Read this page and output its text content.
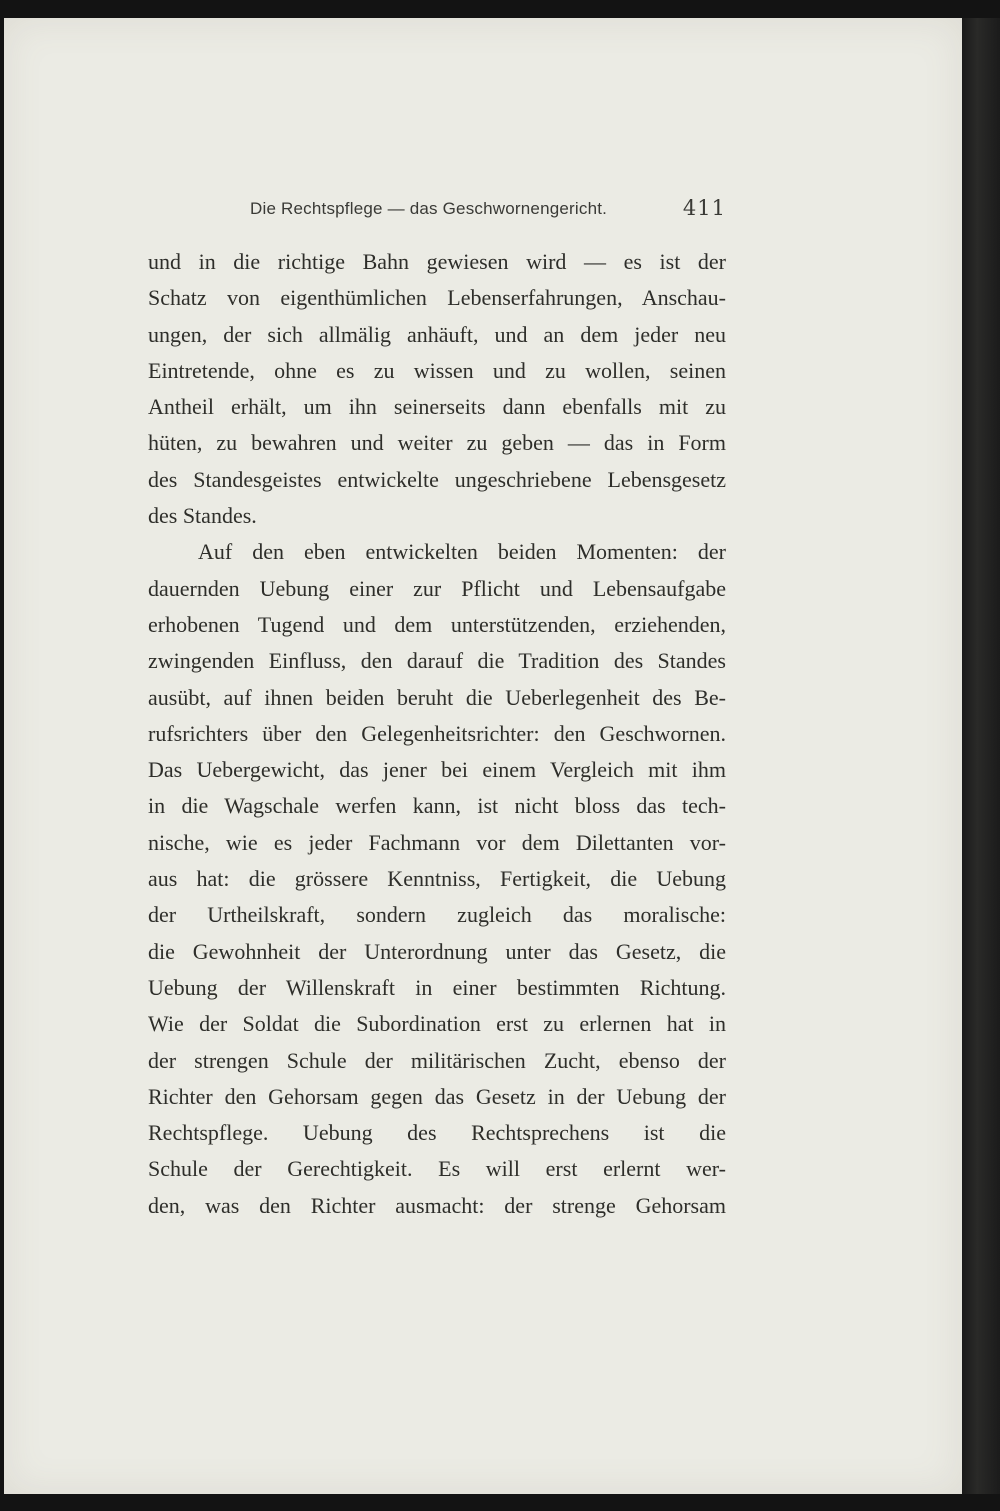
Die Rechtspflege — das Geschwornengericht.	411
und in die richtige Bahn gewiesen wird — es ist der
Schatz von eigenthümlichen Lebenserfahrungen, Anschau-
ungen, der sich allmälig anhäuft, und an dem jeder neu
Eintretende, ohne es zu wissen und zu wollen, seinen
Antheil erhält, um ihn seinerseits dann ebenfalls mit zu
hüten, zu bewahren und weiter zu geben — das in Form
des Standesgeistes entwickelte ungeschriebene Lebensgesetz
des Standes.
Auf den eben entwickelten beiden Momenten: der
dauernden Uebung einer zur Pflicht und Lebensaufgabe
erhobenen Tugend und dem unterstützenden, erziehenden,
zwingenden Einfluss, den darauf die Tradition des Standes
ausübt, auf ihnen beiden beruht die Ueberlegenheit des Be-
rufsrichters über den Gelegenheitsrichter: den Geschwornen.
Das Uebergewicht, das jener bei einem Vergleich mit ihm
in die Wagschale werfen kann, ist nicht bloss das tech-
nische, wie es jeder Fachmann vor dem Dilettanten vor-
aus hat: die grössere Kenntniss, Fertigkeit, die Uebung
der Urtheilskraft, sondern zugleich das moralische:
die Gewohnheit der Unterordnung unter das Gesetz, die
Uebung der Willenskraft in einer bestimmten Richtung.
Wie der Soldat die Subordination erst zu erlernen hat in
der strengen Schule der militärischen Zucht, ebenso der
Richter den Gehorsam gegen das Gesetz in der Uebung der
Rechtspflege. Uebung des Rechtsprechens ist die
Schule der Gerechtigkeit. Es will erst erlernt wer-
den, was den Richter ausmacht: der strenge Gehorsam
